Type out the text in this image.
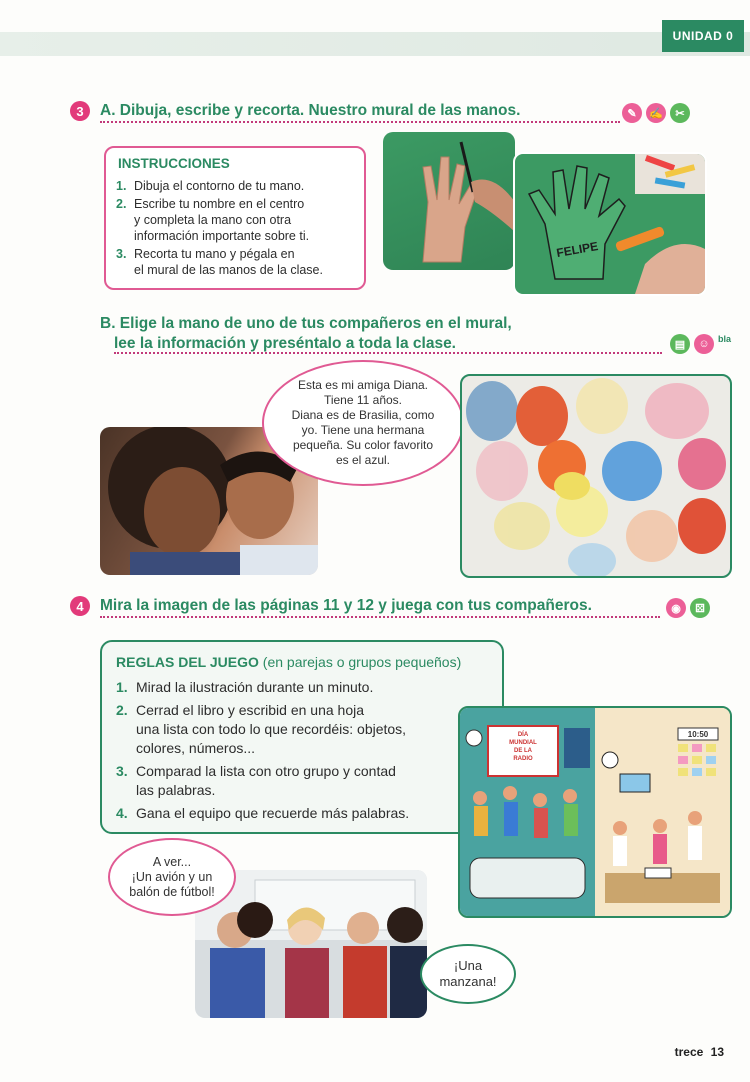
UNIDAD 0
3	A. Dibuja, escribe y recorta. Nuestro mural de las manos.	✎	✍	✂
INSTRUCCIONES
1. Dibuja el contorno de tu mano.
2. Escribe tu nombre en el centro
y completa la mano con otra
información importante sobre ti.
3. Recorta tu mano y pégala en
el mural de las manos de la clase.
FELIPE
B. Elige la mano de uno de tus compañeros en el mural,
lee la información y preséntalo a toda la clase.	▤	☺ bla
Esta es mi amiga Diana.
Tiene 11 años.
Diana es de Brasilia, como
yo. Tiene una hermana
pequeña. Su color favorito
es el azul.
4	Mira la imagen de las páginas 11 y 12 y juega con tus compañeros.	◉	⚄
REGLAS DEL JUEGO (en parejas o grupos pequeños)
1. Mirad la ilustración durante un minuto.
2. Cerrad el libro y escribid en una hoja
una lista con todo lo que recordéis: objetos,
colores, números...
3. Comparad la lista con otro grupo y contad
las palabras.
4. Gana el equipo que recuerde más palabras.
DÍA
MUNDIAL
DE LA
RADIO
10:50
A ver...
¡Un avión y un
balón de fútbol!
¡Una
manzana!
trece 13
